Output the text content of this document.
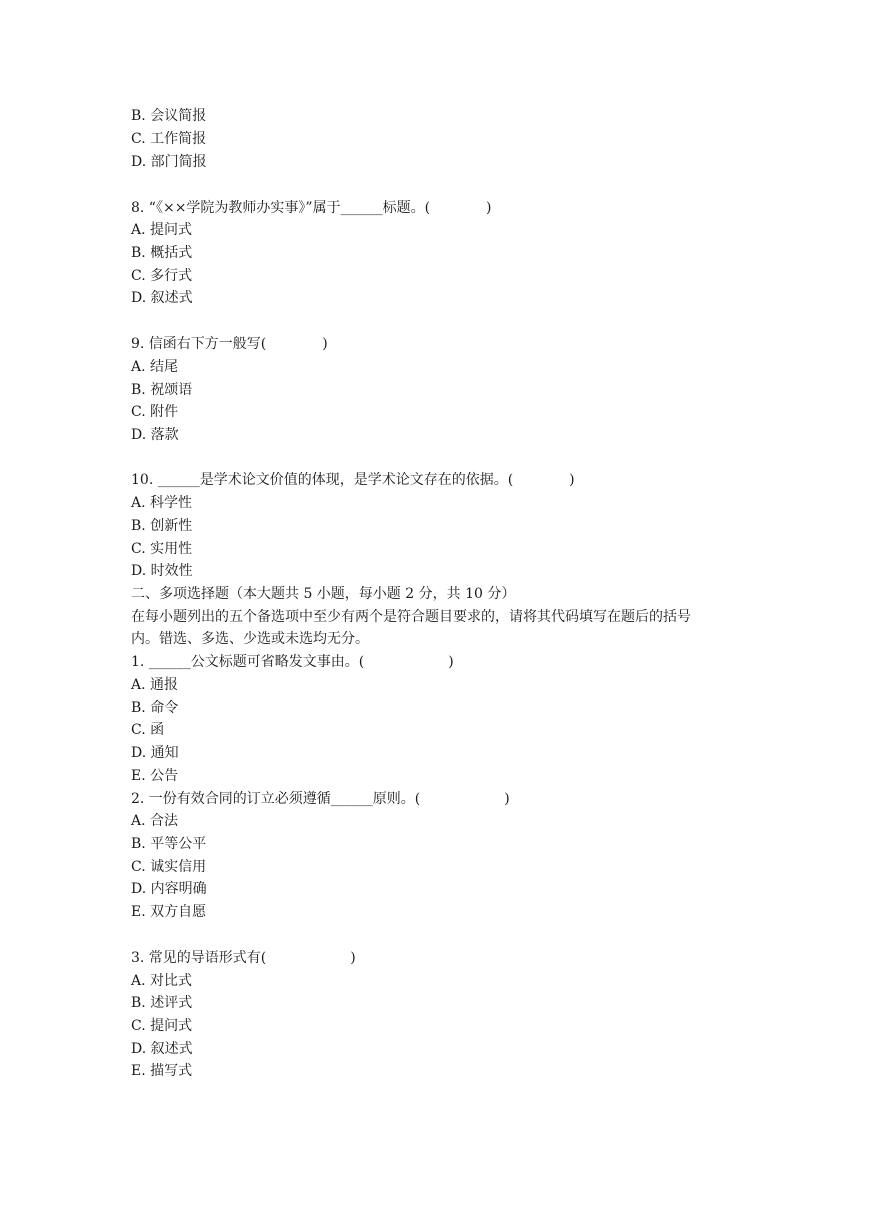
B. 会议简报
C. 工作简报
D. 部门简报
8. “《××学院为教师办实事》”属于______标题。(　　　　)
A. 提问式
B. 概括式
C. 多行式
D. 叙述式
9. 信函右下方一般写(　　　　)
A. 结尾
B. 祝颂语
C. 附件
D. 落款
10. ______是学术论文价值的体现，是学术论文存在的依据。(　　　　)
A. 科学性
B. 创新性
C. 实用性
D. 时效性
二、多项选择题（本大题共 5 小题，每小题 2 分，共 10 分）
在每小题列出的五个备选项中至少有两个是符合题目要求的，请将其代码填写在题后的括号
内。错选、多选、少选或未选均无分。
1. ______公文标题可省略发文事由。(　　　　　　)
A. 通报
B. 命令
C. 函
D. 通知
E. 公告
2. 一份有效合同的订立必须遵循______原则。(　　　　　　)
A. 合法
B. 平等公平
C. 诚实信用
D. 内容明确
E. 双方自愿
3. 常见的导语形式有(　　　　　　)
A. 对比式
B. 述评式
C. 提问式
D. 叙述式
E. 描写式
